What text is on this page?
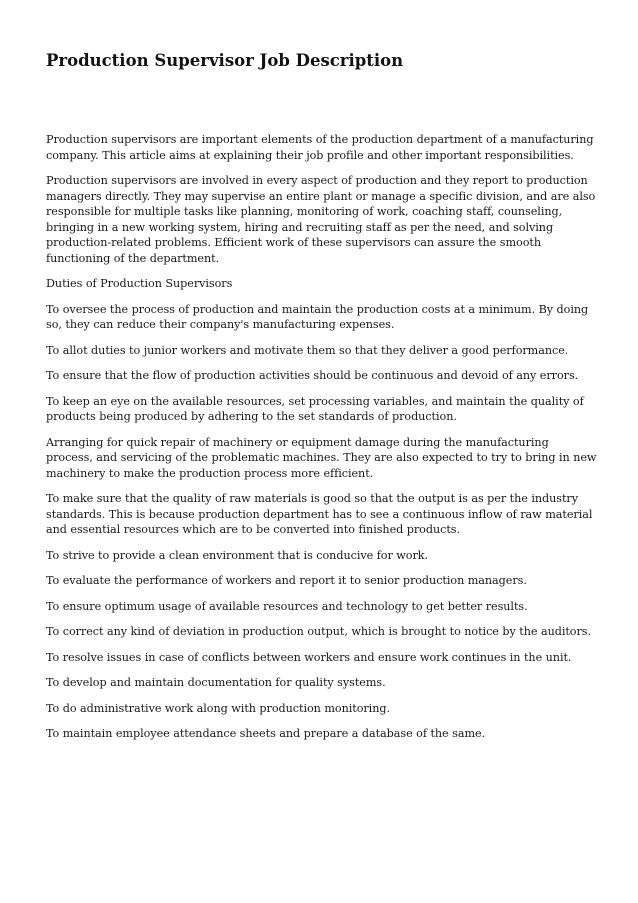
Production Supervisor Job Description

Production supervisors are important elements of the production department of a manufacturing company. This article aims at explaining their job profile and other important responsibilities.

Production supervisors are involved in every aspect of production and they report to production managers directly. They may supervise an entire plant or manage a specific division, and are also responsible for multiple tasks like planning, monitoring of work, coaching staff, counseling, bringing in a new working system, hiring and recruiting staff as per the need, and solving production-related problems. Efficient work of these supervisors can assure the smooth functioning of the department.

Duties of Production Supervisors

To oversee the process of production and maintain the production costs at a minimum. By doing so, they can reduce their company's manufacturing expenses.

To allot duties to junior workers and motivate them so that they deliver a good performance.

To ensure that the flow of production activities should be continuous and devoid of any errors.

To keep an eye on the available resources, set processing variables, and maintain the quality of products being produced by adhering to the set standards of production.

Arranging for quick repair of machinery or equipment damage during the manufacturing process, and servicing of the problematic machines. They are also expected to try to bring in new machinery to make the production process more efficient.

To make sure that the quality of raw materials is good so that the output is as per the industry standards. This is because production department has to see a continuous inflow of raw material and essential resources which are to be converted into finished products.

To strive to provide a clean environment that is conducive for work.

To evaluate the performance of workers and report it to senior production managers.

To ensure optimum usage of available resources and technology to get better results.

To correct any kind of deviation in production output, which is brought to notice by the auditors.

To resolve issues in case of conflicts between workers and ensure work continues in the unit.

To develop and maintain documentation for quality systems.

To do administrative work along with production monitoring.

To maintain employee attendance sheets and prepare a database of the same.
